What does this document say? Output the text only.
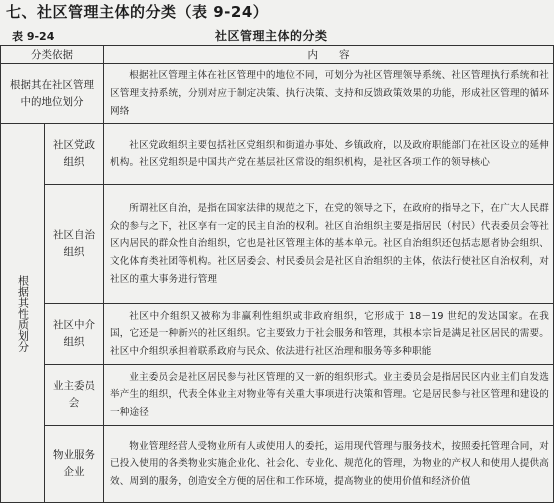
七、社区管理主体的分类（表 9-24）
表 9-24	社区管理主体的分类
分类依据		内　　容

根据其在社区管理中的地位划分		根据社区管理主体在社区管理中的地位不同，可划分为社区管理领导系统、社区管理执行系统和社区管理支持系统，分别对应于制定决策、执行决策、支持和反馈政策效果的功能，形成社区管理的循环网络

根据其性质划分	社区党政组织	社区党政组织主要包括社区党组织和街道办事处、乡镇政府，以及政府职能部门在社区设立的延伸机构。社区党组织是中国共产党在基层社区常设的组织机构，是社区各项工作的领导核心

	社区自治组织	所谓社区自治，是指在国家法律的规范之下，在党的领导之下，在政府的指导之下，在广大人民群众的参与之下，社区享有一定的民主自治的权利。社区自治组织主要是指居民（村民）代表委员会等社区内居民的群众性自治组织，它也是社区管理主体的基本单元。社区自治组织还包括志愿者协会组织、文化体育类社团等机构。社区居委会、村民委员会是社区自治组织的主体，依法行使社区自治权利，对社区的重大事务进行管理

	社区中介组织	社区中介组织又被称为非赢利性组织或非政府组织，它形成于 18－19 世纪的发达国家。在我国，它还是一种新兴的社区组织。它主要致力于社会服务和管理，其根本宗旨是满足社区居民的需要。社区中介组织承担着联系政府与民众、依法进行社区治理和服务等多种职能

	业主委员会	业主委员会是社区居民参与社区管理的又一新的组织形式。业主委员会是指居民区内业主们自发选举产生的组织，代表全体业主对物业等有关重大事项进行决策和管理。它是居民参与社区管理和建设的一种途径

	物业服务企业	物业管理经营人受物业所有人或使用人的委托，运用现代管理与服务技术，按照委托管理合同，对已投入使用的各类物业实施企业化、社会化、专业化、规范化的管理，为物业的产权人和使用人提供高效、周到的服务，创造安全方便的居住和工作环境，提高物业的使用价值和经济价值
